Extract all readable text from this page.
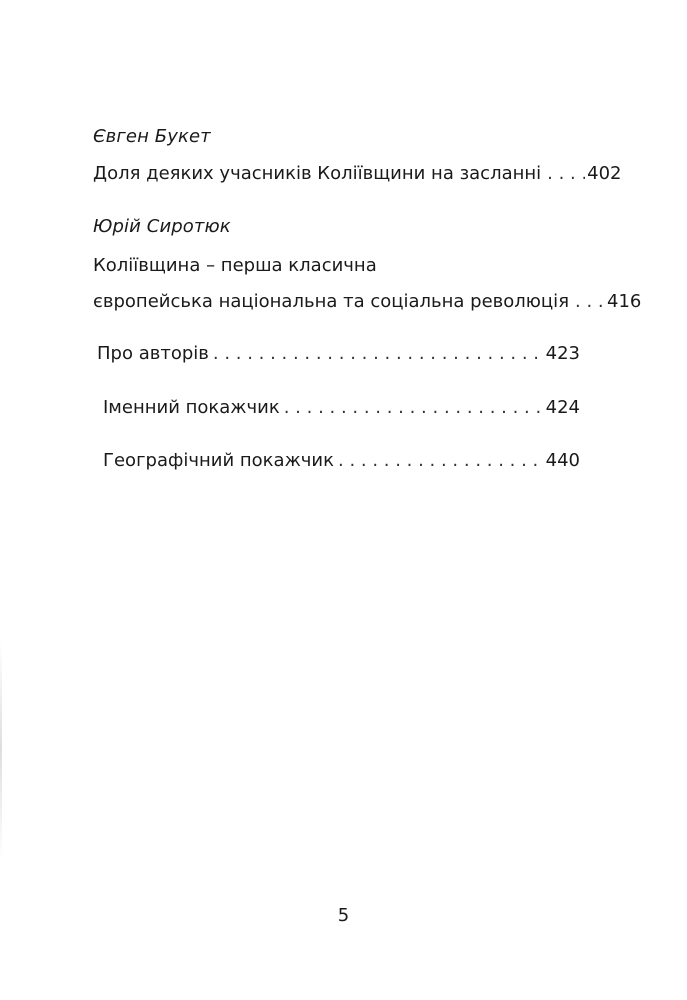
Євген Букет
Доля деяких учасників Коліївщини на засланні . . .	402
Юрій Сиротюк
Коліївщина – перша класична
європейська національна та соціальна революція . . . 416
Про авторів . . .	423
Іменний покажчик . . .	424
Географічний покажчик . . .	440
5
